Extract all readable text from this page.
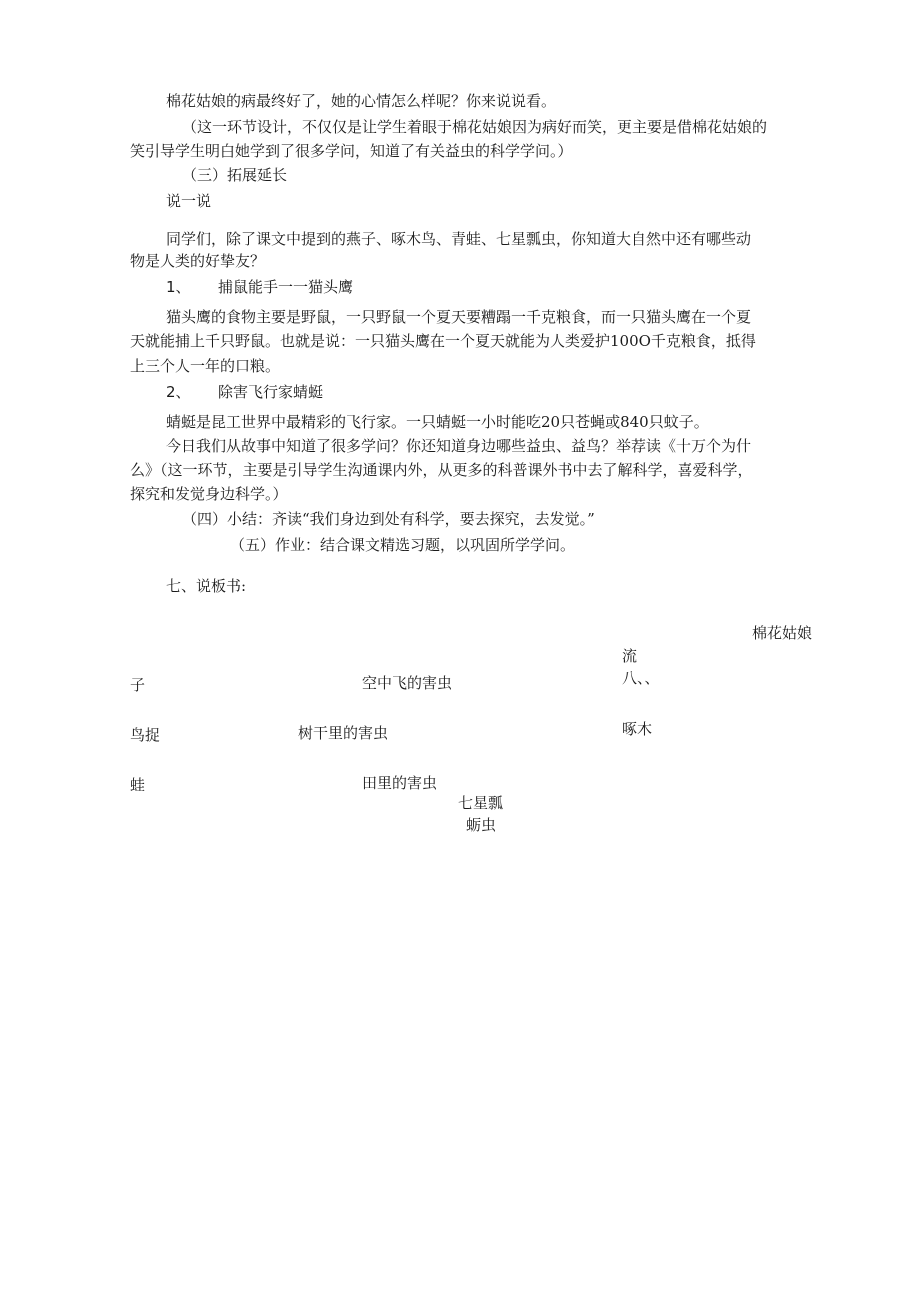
棉花姑娘的病最终好了，她的心情怎么样呢？你来说说看。
（这一环节设计，不仅仅是让学生着眼于棉花姑娘因为病好而笑，更主要是借棉花姑娘的
笑引导学生明白她学到了很多学问，知道了有关益虫的科学学问。）
（三）拓展延长
说一说
同学们，除了课文中提到的燕子、啄木鸟、青蛙、七星瓢虫，你知道大自然中还有哪些动
物是人类的好挚友？
1、 捕鼠能手一一猫头鹰
猫头鹰的食物主要是野鼠，一只野鼠一个夏天要糟蹋一千克粮食，而一只猫头鹰在一个夏
天就能捕上千只野鼠。也就是说：一只猫头鹰在一个夏天就能为人类爱护100O千克粮食，抵得
上三个人一年的口粮。
2、 除害飞行家蜻蜓
蜻蜓是昆工世界中最精彩的飞行家。一只蜻蜓一小时能吃20只苍蝇或840只蚊子。
今日我们从故事中知道了很多学问？你还知道身边哪些益虫、益鸟？举荐读《十万个为什
么》（这一环节，主要是引导学生沟通课内外，从更多的科普课外书中去了解科学，喜爱科学，
探究和发觉身边科学。）
（四）小结：齐读“我们身边到处有科学，要去探究，去发觉。”
（五）作业：结合课文精选习题，以巩固所学学问。
七、说板书:
棉花姑娘
流
八、、
子	空中飞的害虫
啄木
鸟捉	树干里的害虫
蛙	田里的害虫
七星瓢
蛎虫
